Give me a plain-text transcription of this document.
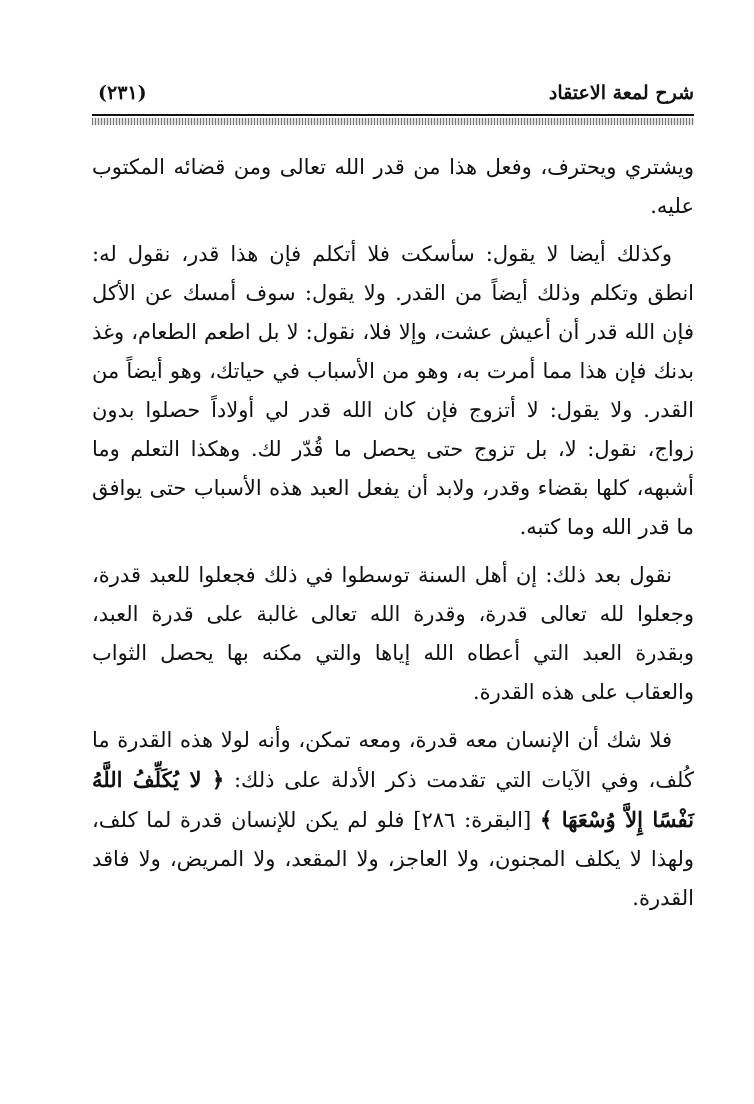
شرح لمعة الاعتقاد
(٢٣١)

ويشتري ويحترف، وفعل هذا من قدر الله تعالى ومن قضائه المكتوب عليه.

وكذلك أيضا لا يقول: سأسكت فلا أتكلم فإن هذا قدر، نقول له: انطق وتكلم وذلك أيضاً من القدر. ولا يقول: سوف أمسك عن الأكل فإن الله قدر أن أعيش عشت، وإلا فلا، نقول: لا بل اطعم الطعام، وغذ بدنك فإن هذا مما أمرت به، وهو من الأسباب في حياتك، وهو أيضاً من القدر. ولا يقول: لا أتزوج فإن كان الله قدر لي أولاداً حصلوا بدون زواج، نقول: لا، بل تزوج حتى يحصل ما قُدّر لك. وهكذا التعلم وما أشبهه، كلها بقضاء وقدر، ولابد أن يفعل العبد هذه الأسباب حتى يوافق ما قدر الله وما كتبه.

نقول بعد ذلك: إن أهل السنة توسطوا في ذلك فجعلوا للعبد قدرة، وجعلوا لله تعالى قدرة، وقدرة الله تعالى غالبة على قدرة العبد، وبقدرة العبد التي أعطاه الله إياها والتي مكنه بها يحصل الثواب والعقاب على هذه القدرة.

فلا شك أن الإنسان معه قدرة، ومعه تمكن، وأنه لولا هذه القدرة ما كُلف، وفي الآيات التي تقدمت ذكر الأدلة على ذلك: ﴿ لا يُكَلِّفُ اللَّهُ نَفْسًا إِلاَّ وُسْعَهَا ﴾ [البقرة: ٢٨٦] فلو لم يكن للإنسان قدرة لما كلف، ولهذا لا يكلف المجنون، ولا العاجز، ولا المقعد، ولا المريض، ولا فاقد القدرة.
